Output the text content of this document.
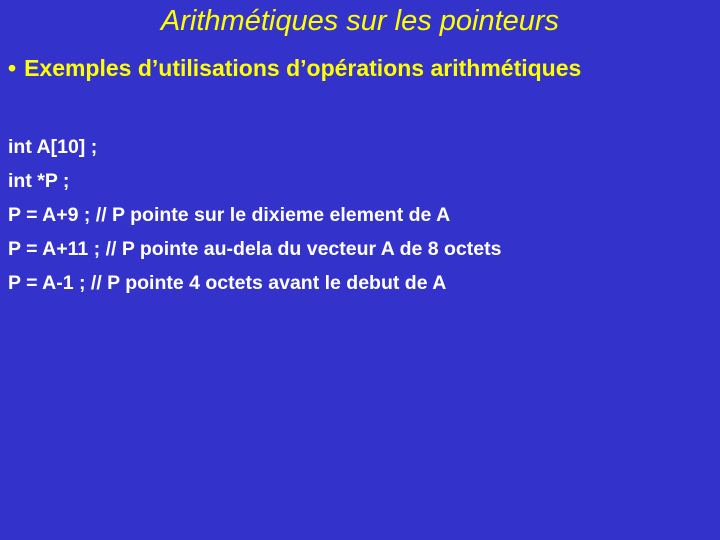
Arithmétiques sur les pointeurs
• Exemples d’utilisations d’opérations arithmétiques
int A[10] ;
int *P ;
P = A+9 ; // P pointe sur le dixieme element de A
P = A+11 ; // P pointe au-dela du vecteur A de 8 octets
P = A-1 ; // P pointe 4 octets avant le debut de A
